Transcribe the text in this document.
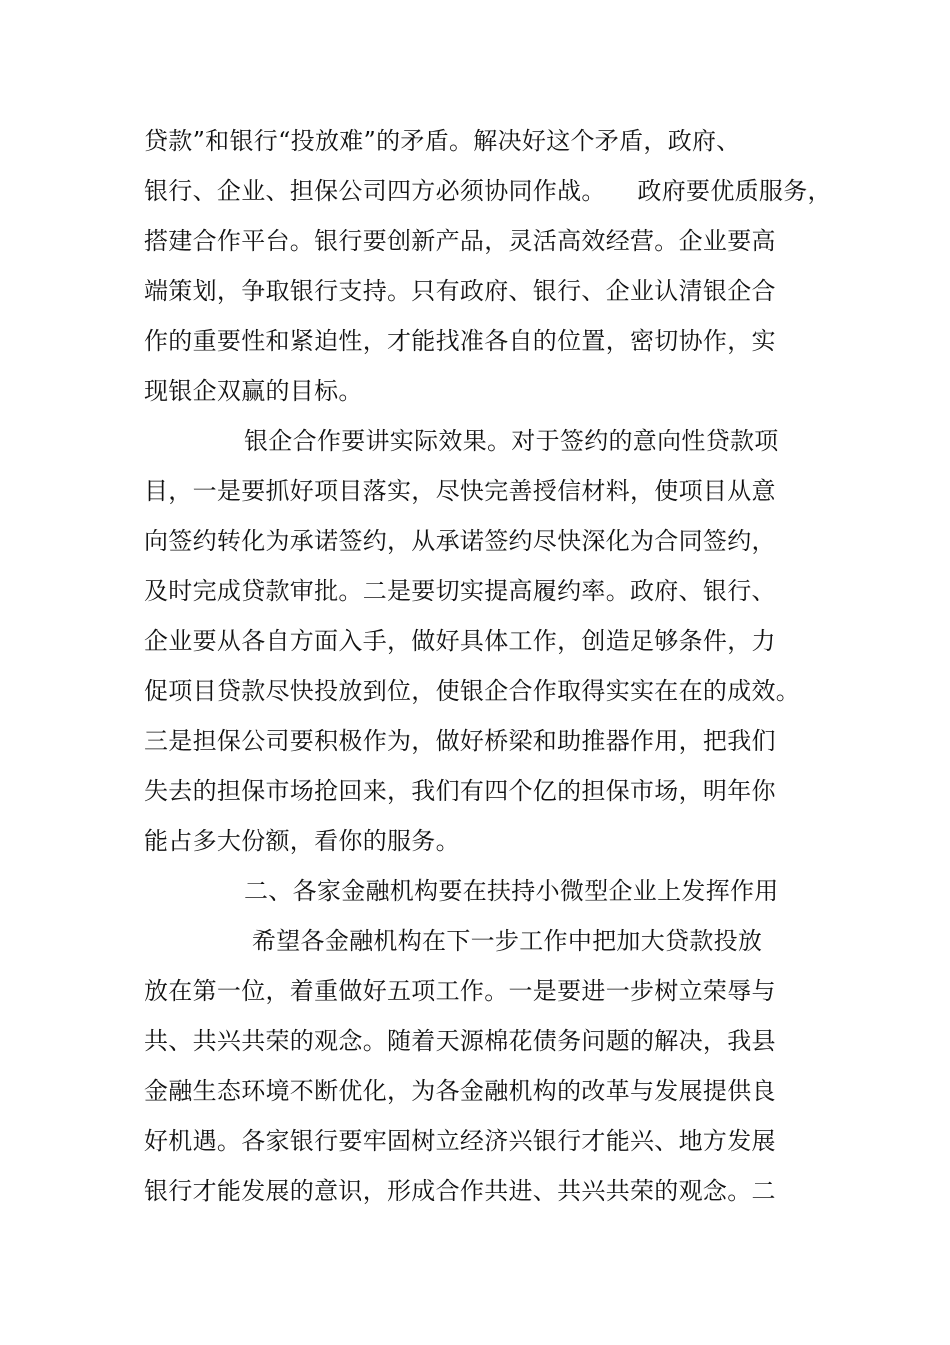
贷款”和银行“投放难”的矛盾。解决好这个矛盾，政府、
银行、企业、担保公司四方必须协同作战。    政府要优质服务，
搭建合作平台。银行要创新产品，灵活高效经营。企业要高
端策划，争取银行支持。只有政府、银行、企业认清银企合
作的重要性和紧迫性，才能找准各自的位置，密切协作，实
现银企双赢的目标。
银企合作要讲实际效果。对于签约的意向性贷款项
目，一是要抓好项目落实，尽快完善授信材料，使项目从意
向签约转化为承诺签约，从承诺签约尽快深化为合同签约，
及时完成贷款审批。二是要切实提高履约率。政府、银行、
企业要从各自方面入手，做好具体工作，创造足够条件，力
促项目贷款尽快投放到位，使银企合作取得实实在在的成效。
三是担保公司要积极作为，做好桥梁和助推器作用，把我们
失去的担保市场抢回来，我们有四个亿的担保市场，明年你
能占多大份额，看你的服务。
二、各家金融机构要在扶持小微型企业上发挥作用
希望各金融机构在下一步工作中把加大贷款投放
放在第一位，着重做好五项工作。一是要进一步树立荣辱与
共、共兴共荣的观念。随着天源棉花债务问题的解决，我县
金融生态环境不断优化，为各金融机构的改革与发展提供良
好机遇。各家银行要牢固树立经济兴银行才能兴、地方发展
银行才能发展的意识，形成合作共进、共兴共荣的观念。二
